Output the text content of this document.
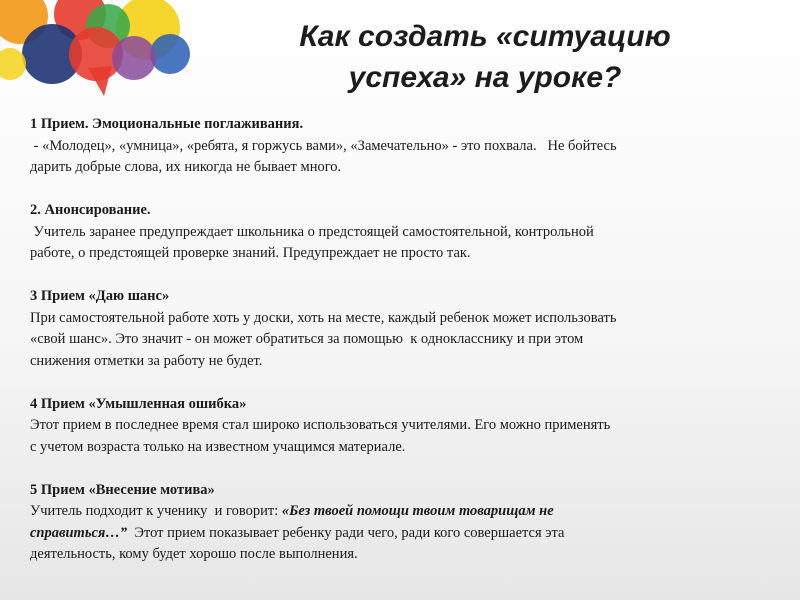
Как создать «ситуацию
успеха» на уроке?

1 Прием. Эмоциональные поглаживания.

- «Молодец», «умница», «ребята, я горжусь вами», «Замечательно» - это похвала.   Не бойтесь

дарить добрые слова, их никогда не бывает много.

2. Анонсирование.

Учитель заранее предупреждает школьника о предстоящей самостоятельной, контрольной

работе, о предстоящей проверке знаний. Предупреждает не просто так.

3 Прием «Даю шанс»

При самостоятельной работе хоть у доски, хоть на месте, каждый ребенок может использовать

«свой шанс». Это значит - он может обратиться за помощью  к однокласснику и при этом

снижения отметки за работу не будет.

4 Прием «Умышленная ошибка»

Этот прием в последнее время стал широко использоваться учителями. Его можно применять

с учетом возраста только на известном учащимся материале.

5 Прием «Внесение мотива»

Учитель подходит к ученику  и говорит: «Без твоей помощи твоим товарищам не

справиться…”  Этот прием показывает ребенку ради чего, ради кого совершается эта

деятельность, кому будет хорошо после выполнения.
